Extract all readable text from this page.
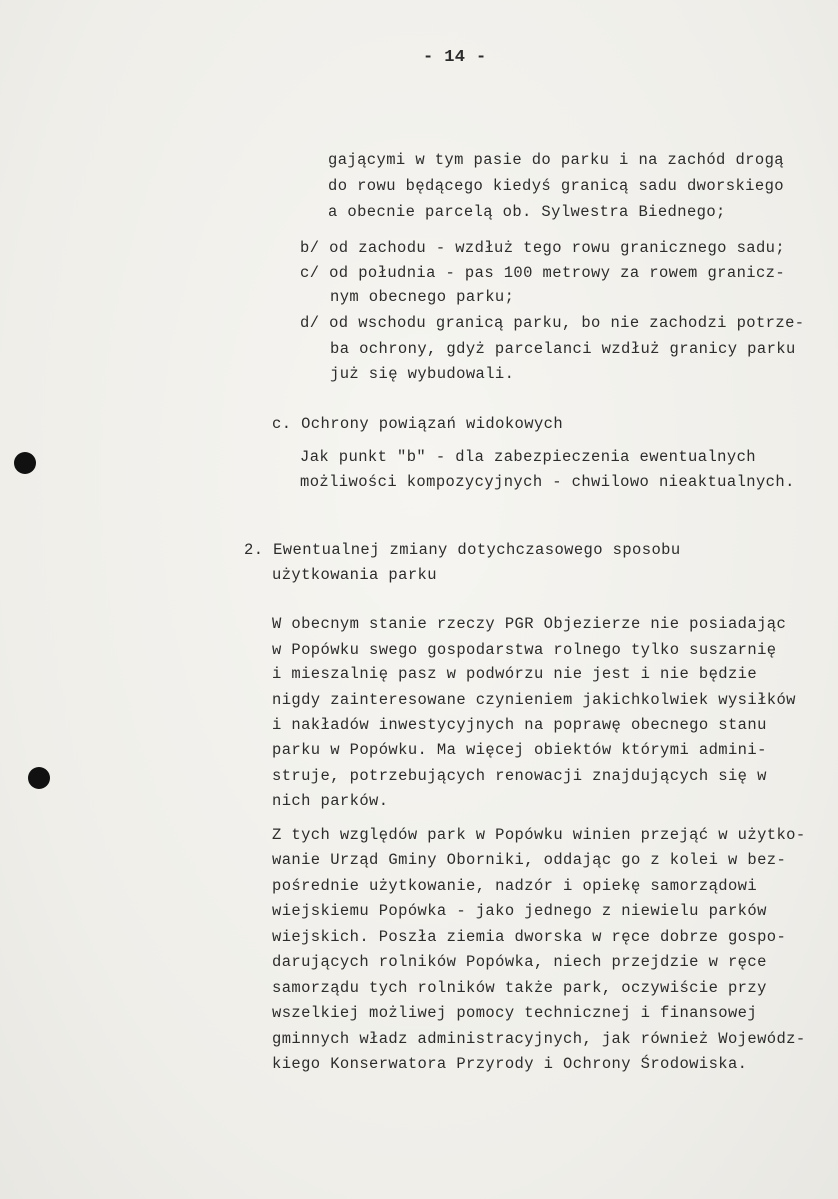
- 14 -
gającymi w tym pasie do parku i na zachód drogą
do rowu będącego kiedyś granicą sadu dworskiego
a obecnie parcelą ob. Sylwestra Biednego;
b/ od zachodu - wzdłuż tego rowu granicznego sadu;
c/ od południa - pas 100 metrowy za rowem granicz-
nym obecnego parku;
d/ od wschodu granicą parku, bo nie zachodzi potrze-
ba ochrony, gdyż parcelanci wzdłuż granicy parku
już się wybudowali.
c. Ochrony powiązań widokowych
Jak punkt "b" - dla zabezpieczenia ewentualnych
możliwości kompozycyjnych - chwilowo nieaktualnych.
2. Ewentualnej zmiany dotychczasowego sposobu
użytkowania parku
W obecnym stanie rzeczy PGR Objezierze nie posiadając
w Popówku swego gospodarstwa rolnego tylko suszarnię
i mieszalnię pasz w podwórzu nie jest i nie będzie
nigdy zainteresowane czynieniem jakichkolwiek wysiłków
i nakładów inwestycyjnych na poprawę obecnego stanu
parku w Popówku. Ma więcej obiektów którymi admini-
struje, potrzebujących renowacji znajdujących się w
nich parków.
Z tych względów park w Popówku winien przejąć w użytko-
wanie Urząd Gminy Oborniki, oddając go z kolei w bez-
pośrednie użytkowanie, nadzór i opiekę samorządowi
wiejskiemu Popówka - jako jednego z niewielu parków
wiejskich. Poszła ziemia dworska w ręce dobrze gospo-
darujących rolników Popówka, niech przejdzie w ręce
samorządu tych rolników także park, oczywiście przy
wszelkiej możliwej pomocy technicznej i finansowej
gminnych władz administracyjnych, jak również Wojewódz-
kiego Konserwatora Przyrody i Ochrony Środowiska.
